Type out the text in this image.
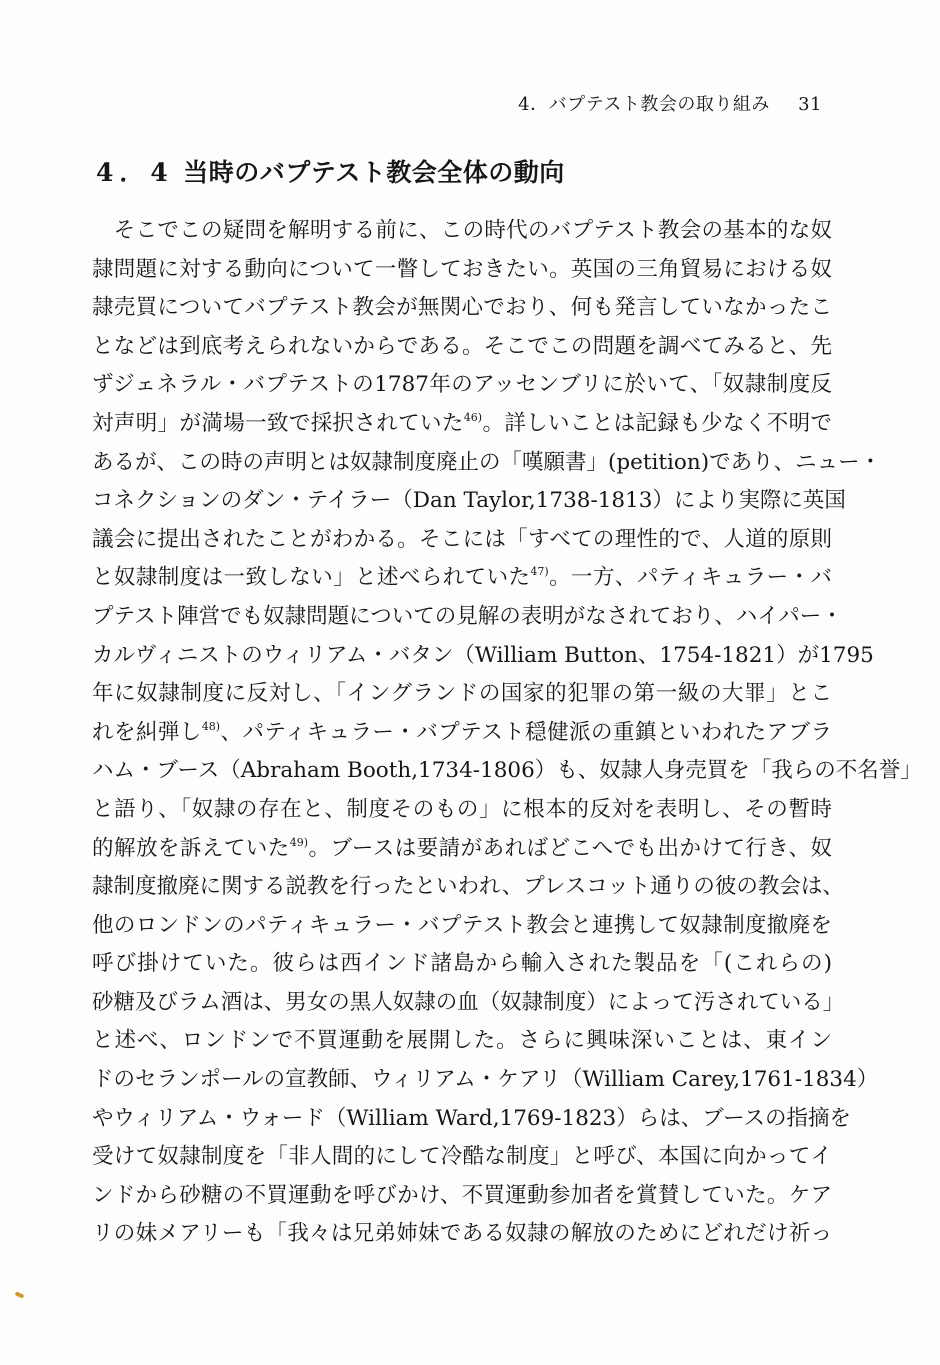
4．バプテスト教会の取り組み 31
4．4 当時のバプテスト教会全体の動向
　そこでこの疑問を解明する前に、この時代のバプテスト教会の基本的な奴
隷問題に対する動向について一瞥しておきたい。英国の三角貿易における奴
隷売買についてバプテスト教会が無関心でおり、何も発言していなかったこ
となどは到底考えられないからである。そこでこの問題を調べてみると、先
ずジェネラル・バプテストの1787年のアッセンブリに於いて、「奴隷制度反
対声明」が満場一致で採択されていた$^{46)}$。詳しいことは記録も少なく不明で
あるが、この時の声明とは奴隷制度廃止の「嘆願書」(petition)であり、ニュー・
コネクションのダン・テイラー（Dan Taylor,1738-1813）により実際に英国
議会に提出されたことがわかる。そこには「すべての理性的で、人道的原則
と奴隷制度は一致しない」と述べられていた$^{47)}$。一方、パティキュラー・バ
プテスト陣営でも奴隷問題についての見解の表明がなされており、ハイパー・
カルヴィニストのウィリアム・バタン（William Button、1754-1821）が1795
年に奴隷制度に反対し、「イングランドの国家的犯罪の第一級の大罪」とこ
れを糾弾し$^{48)}$、パティキュラー・バプテスト穏健派の重鎮といわれたアブラ
ハム・ブース（Abraham Booth,1734-1806）も、奴隷人身売買を「我らの不名誉」
と語り、「奴隷の存在と、制度そのもの」に根本的反対を表明し、その暫時
的解放を訴えていた$^{49)}$。ブースは要請があればどこへでも出かけて行き、奴
隷制度撤廃に関する説教を行ったといわれ、プレスコット通りの彼の教会は、
他のロンドンのパティキュラー・バプテスト教会と連携して奴隷制度撤廃を
呼び掛けていた。彼らは西インド諸島から輸入された製品を「(これらの)
砂糖及びラム酒は、男女の黒人奴隷の血（奴隷制度）によって汚されている」
と述べ、ロンドンで不買運動を展開した。さらに興味深いことは、東イン
ドのセランポールの宣教師、ウィリアム・ケアリ（William Carey,1761-1834）
やウィリアム・ウォード（William Ward,1769-1823）らは、ブースの指摘を
受けて奴隷制度を「非人間的にして冷酷な制度」と呼び、本国に向かってイ
ンドから砂糖の不買運動を呼びかけ、不買運動参加者を賞賛していた。ケア
リの妹メアリーも「我々は兄弟姉妹である奴隷の解放のためにどれだけ祈っ
